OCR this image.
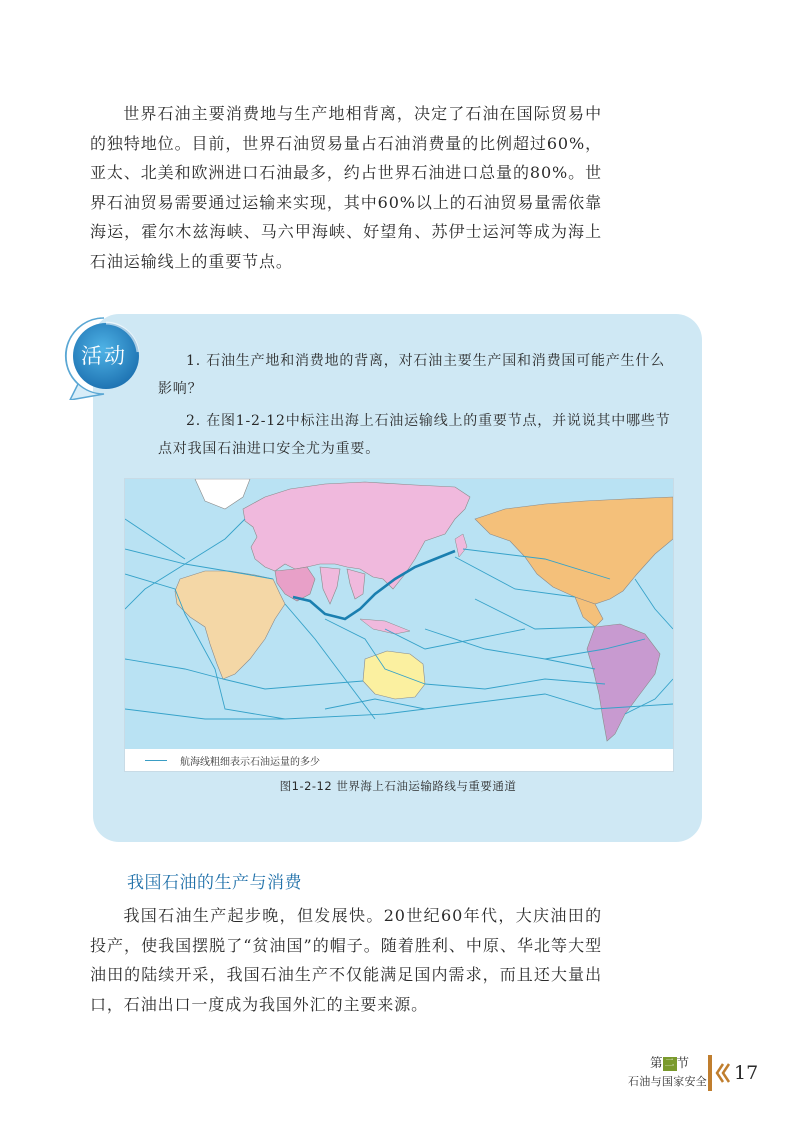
世界石油主要消费地与生产地相背离，决定了石油在国际贸易中的独特地位。目前，世界石油贸易量占石油消费量的比例超过60%，亚太、北美和欧洲进口石油最多，约占世界石油进口总量的80%。世界石油贸易需要通过运输来实现，其中60%以上的石油贸易量需依靠海运，霍尔木兹海峡、马六甲海峡、好望角、苏伊士运河等成为海上石油运输线上的重要节点。

活动	1. 石油生产地和消费地的背离，对石油主要生产国和消费国可能产生什么影响？

2. 在图1-2-12中标注出海上石油运输线上的重要节点，并说说其中哪些节点对我国石油进口安全尤为重要。

航海线粗细表示石油运量的多少
图1-2-12 世界海上石油运输路线与重要通道
我国石油的生产与消费

我国石油生产起步晚，但发展快。20世纪60年代，大庆油田的投产，使我国摆脱了“贫油国”的帽子。随着胜利、中原、华北等大型油田的陆续开采，我国石油生产不仅能满足国内需求，而且还大量出口，石油出口一度成为我国外汇的主要来源。

第 二 节
石油与国家安全 17
